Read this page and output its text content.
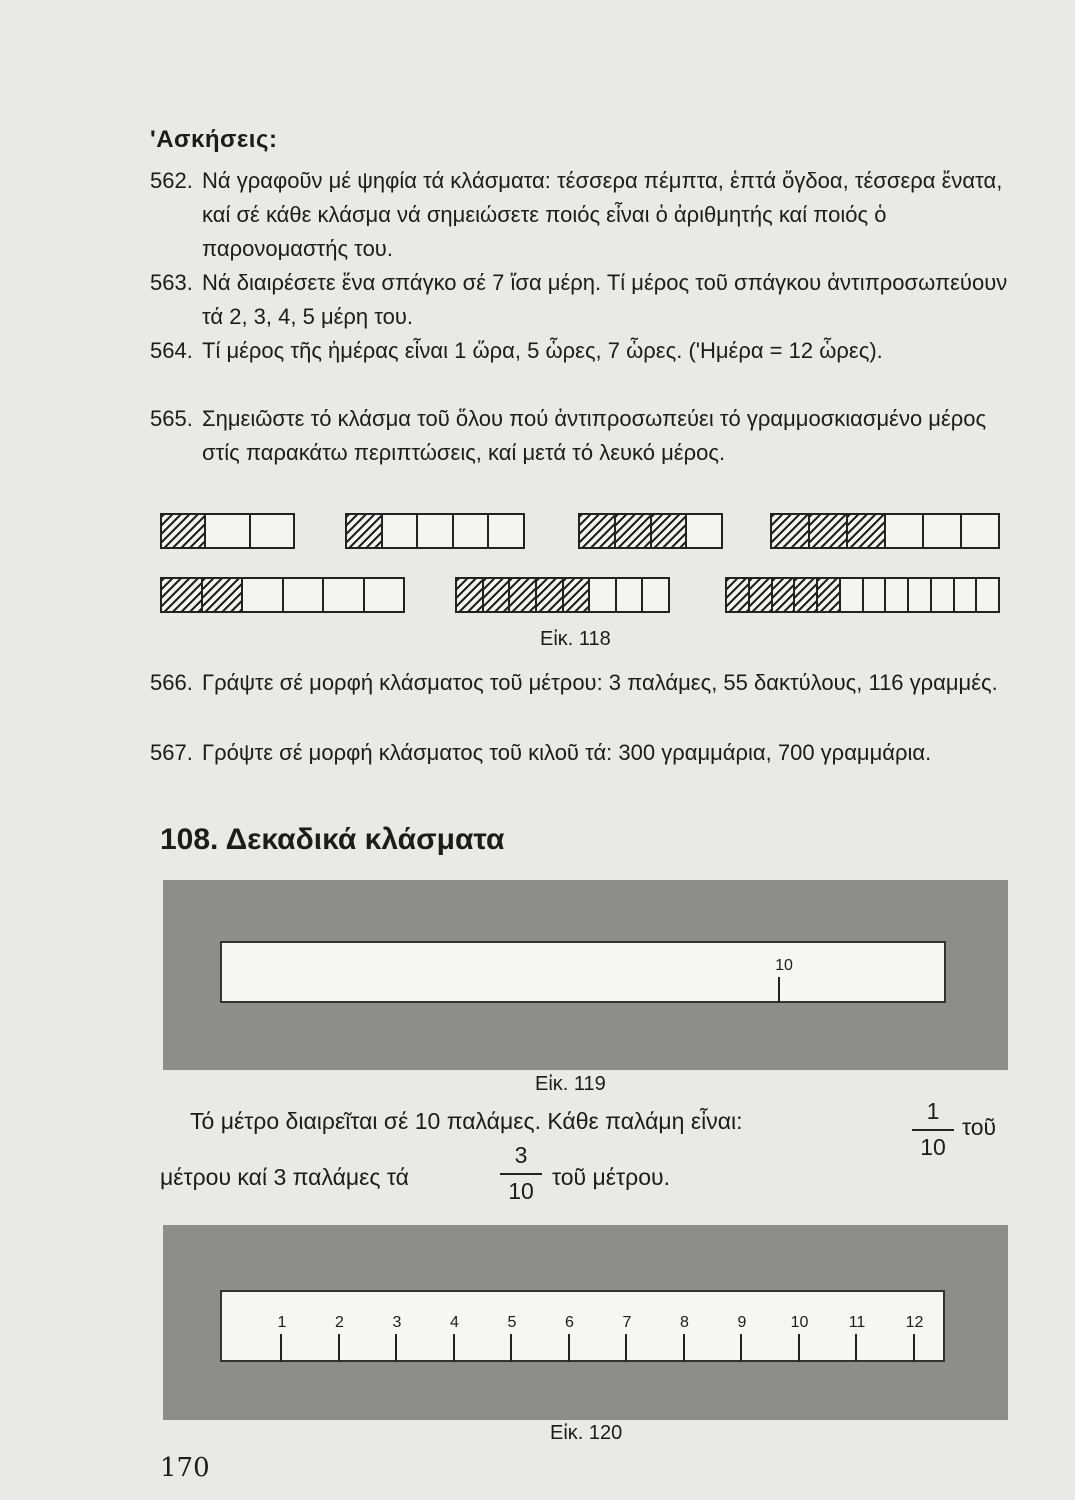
'Ασκήσεις:
562. Νά γραφοῦν μέ ψηφία τά κλάσματα: τέσσερα πέμπτα, ἑπτά ὄγδοα, τέσσερα ἔνατα, καί σέ κάθε κλάσμα νά σημειώσετε ποιός εἶναι ὁ ἀριθμητής καί ποιός ὁ παρονομαστής του.
563. Νά διαιρέσετε ἕνα σπάγκο σέ 7 ἴσα μέρη. Τί μέρος τοῦ σπάγκου ἀντιπροσωπεύουν τά 2, 3, 4, 5 μέρη του.
564. Τί μέρος τῆς ἡμέρας εἶναι 1 ὥρα, 5 ὧρες, 7 ὧρες. ('Ημέρα = 12 ὧρες).
565. Σημειῶστε τό κλάσμα τοῦ ὅλου πού ἀντιπροσωπεύει τό γραμμοσκιασμένο μέρος στίς παρακάτω περιπτώσεις, καί μετά τό λευκό μέρος.
Εἰκ. 118
566. Γράψτε σέ μορφή κλάσματος τοῦ μέτρου: 3 παλάμες, 55 δακτύλους, 116 γραμμές.
567. Γρόψτε σέ μορφή κλάσματος τοῦ κιλοῦ τά: 300 γραμμάρια, 700 γραμμάρια.
108. Δεκαδικά κλάσματα
10
Εἰκ. 119
Τό μέτρο διαιρεῖται σέ 10 παλάμες. Κάθε παλάμη εἶναι:	1
10
τοῦ
μέτρου καί 3 παλάμες τά
3
10
τοῦ μέτρου.
1	2	3	4	5	6	7	8	9	10	11	12
Εἰκ. 120
170
